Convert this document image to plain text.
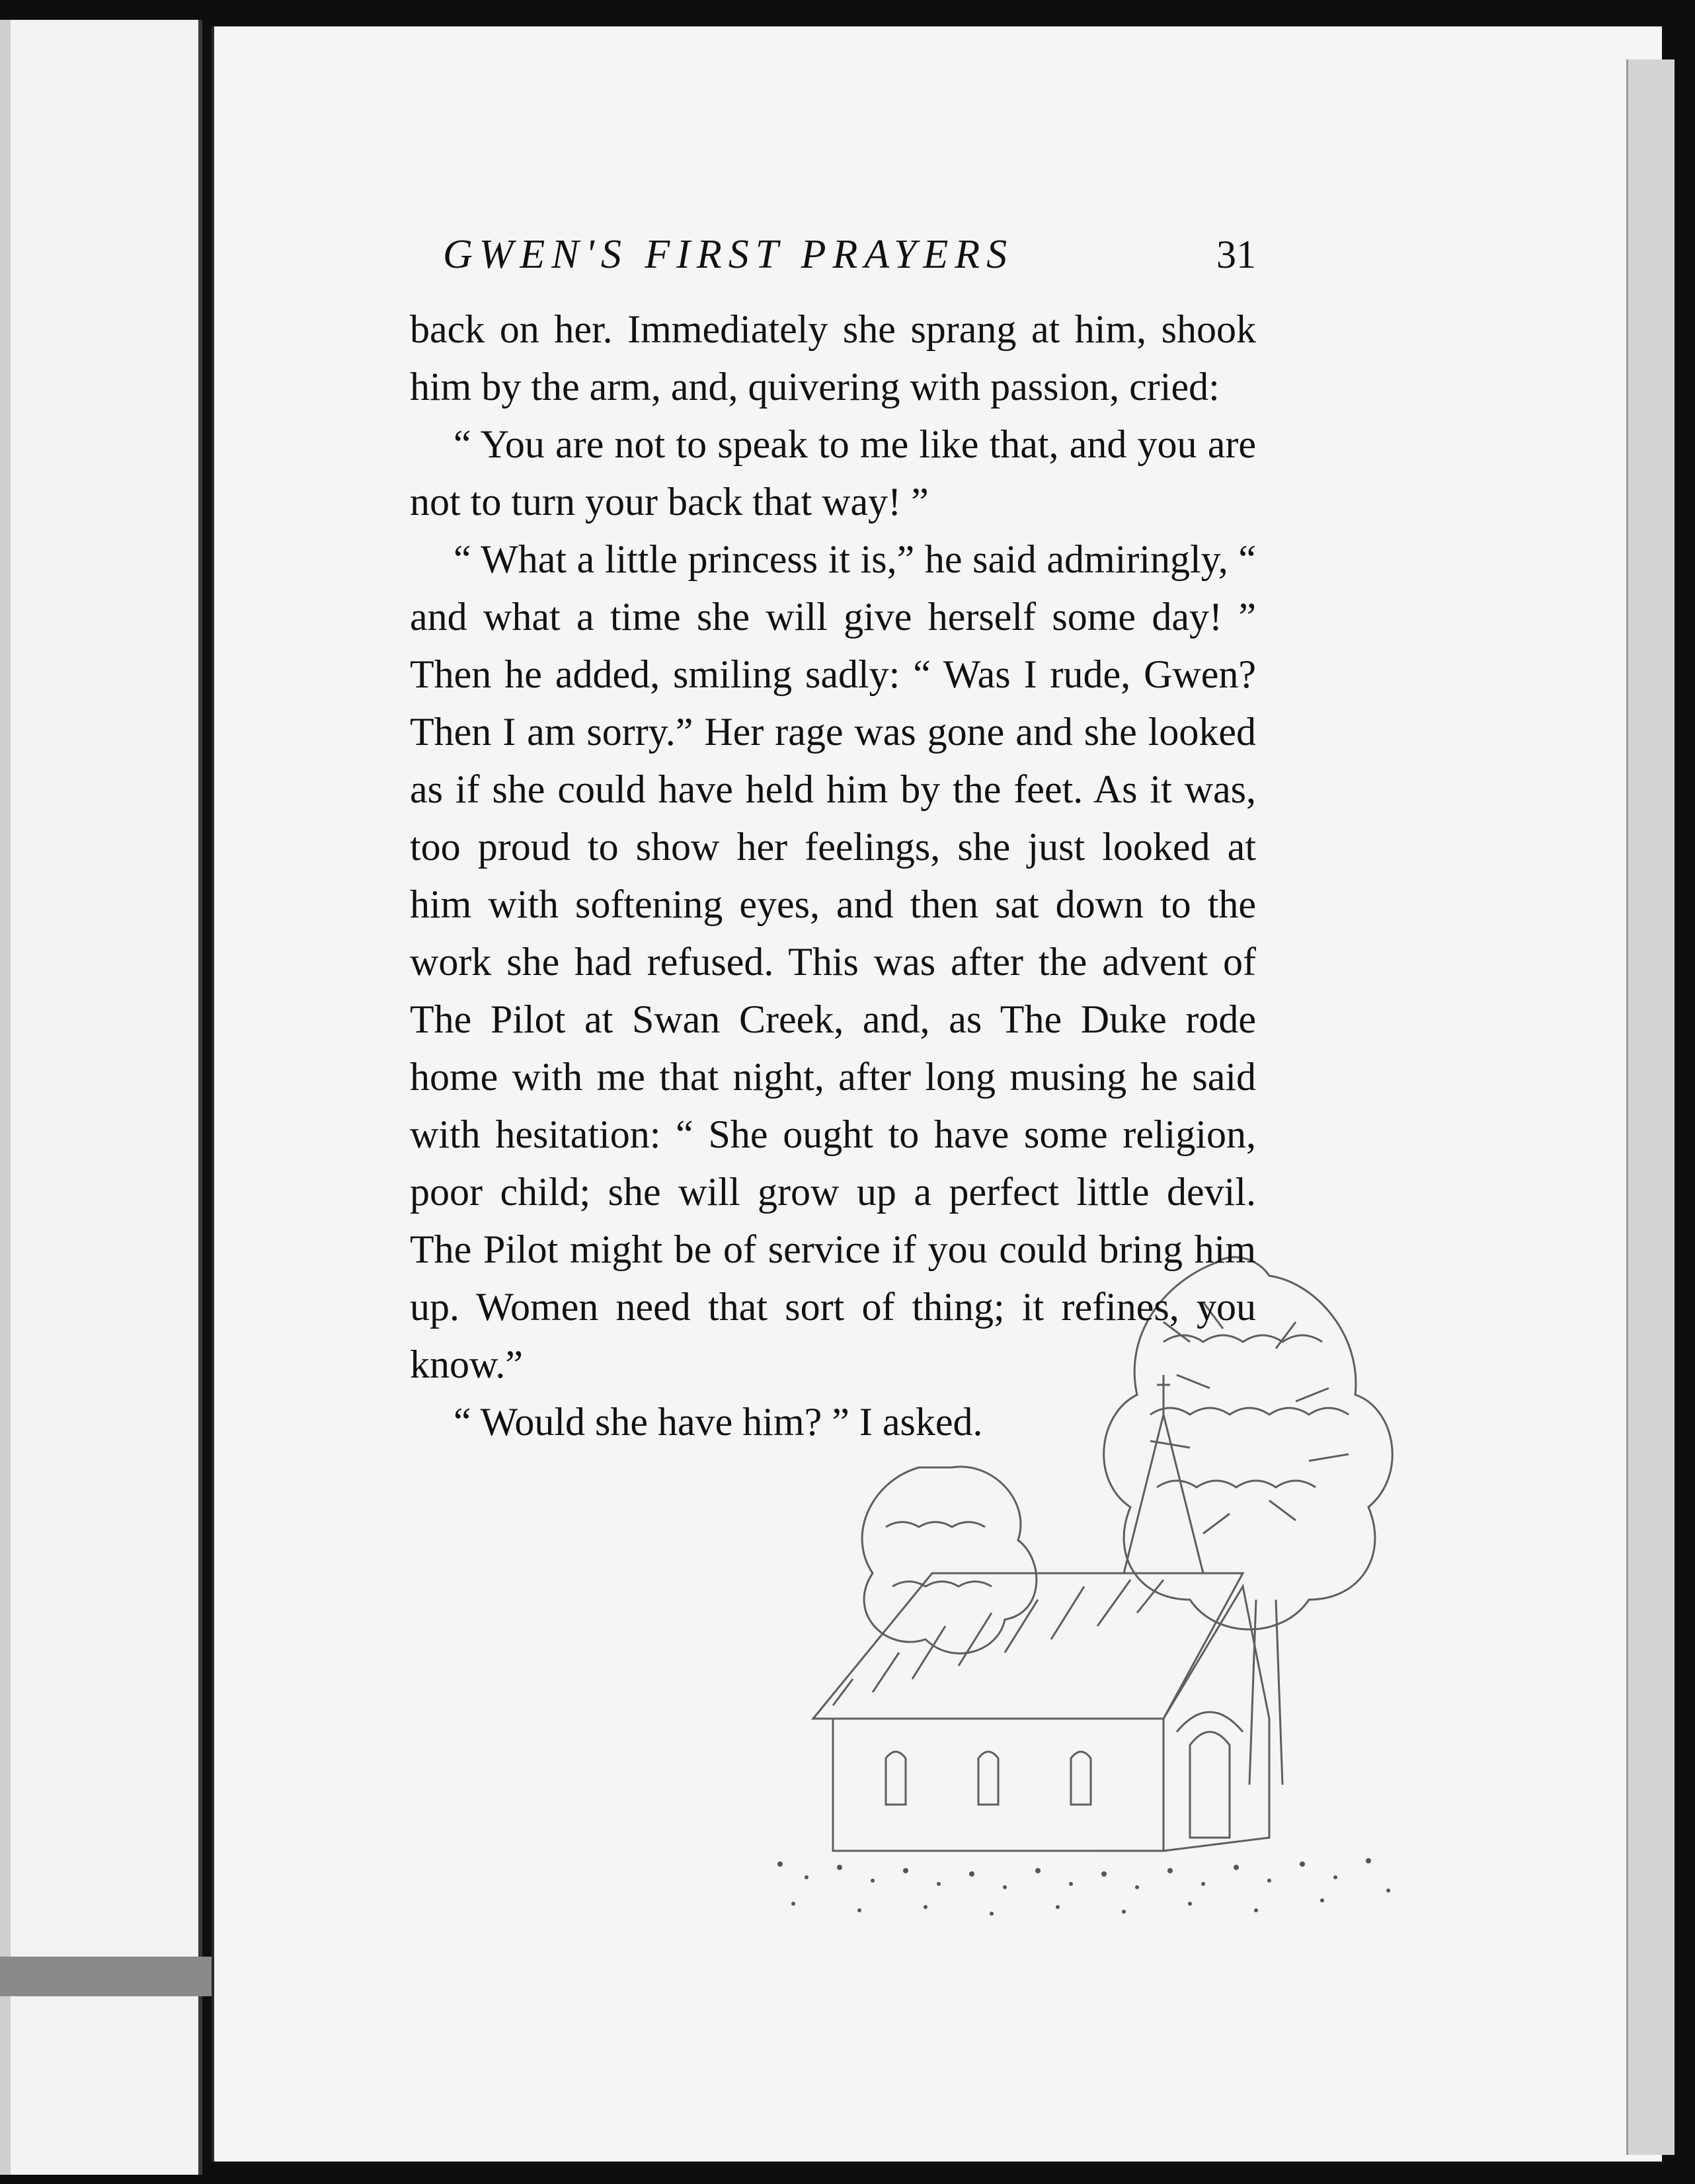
GWEN'S FIRST PRAYERS	31

back on her. Immediately she sprang at him, shook him by the arm, and, quivering with passion, cried:

“ You are not to speak to me like that, and you are not to turn your back that way! ”

“ What a little princess it is,” he said admiringly, “ and what a time she will give herself some day! ” Then he added, smiling sadly: “ Was I rude, Gwen? Then I am sorry.” Her rage was gone and she looked as if she could have held him by the feet. As it was, too proud to show her feelings, she just looked at him with softening eyes, and then sat down to the work she had refused. This was after the advent of The Pilot at Swan Creek, and, as The Duke rode home with me that night, after long musing he said with hesitation: “ She ought to have some religion, poor child; she will grow up a perfect little devil. The Pilot might be of service if you could bring him up. Women need that sort of thing; it refines, you know.”

“ Would she have him? ” I asked.
